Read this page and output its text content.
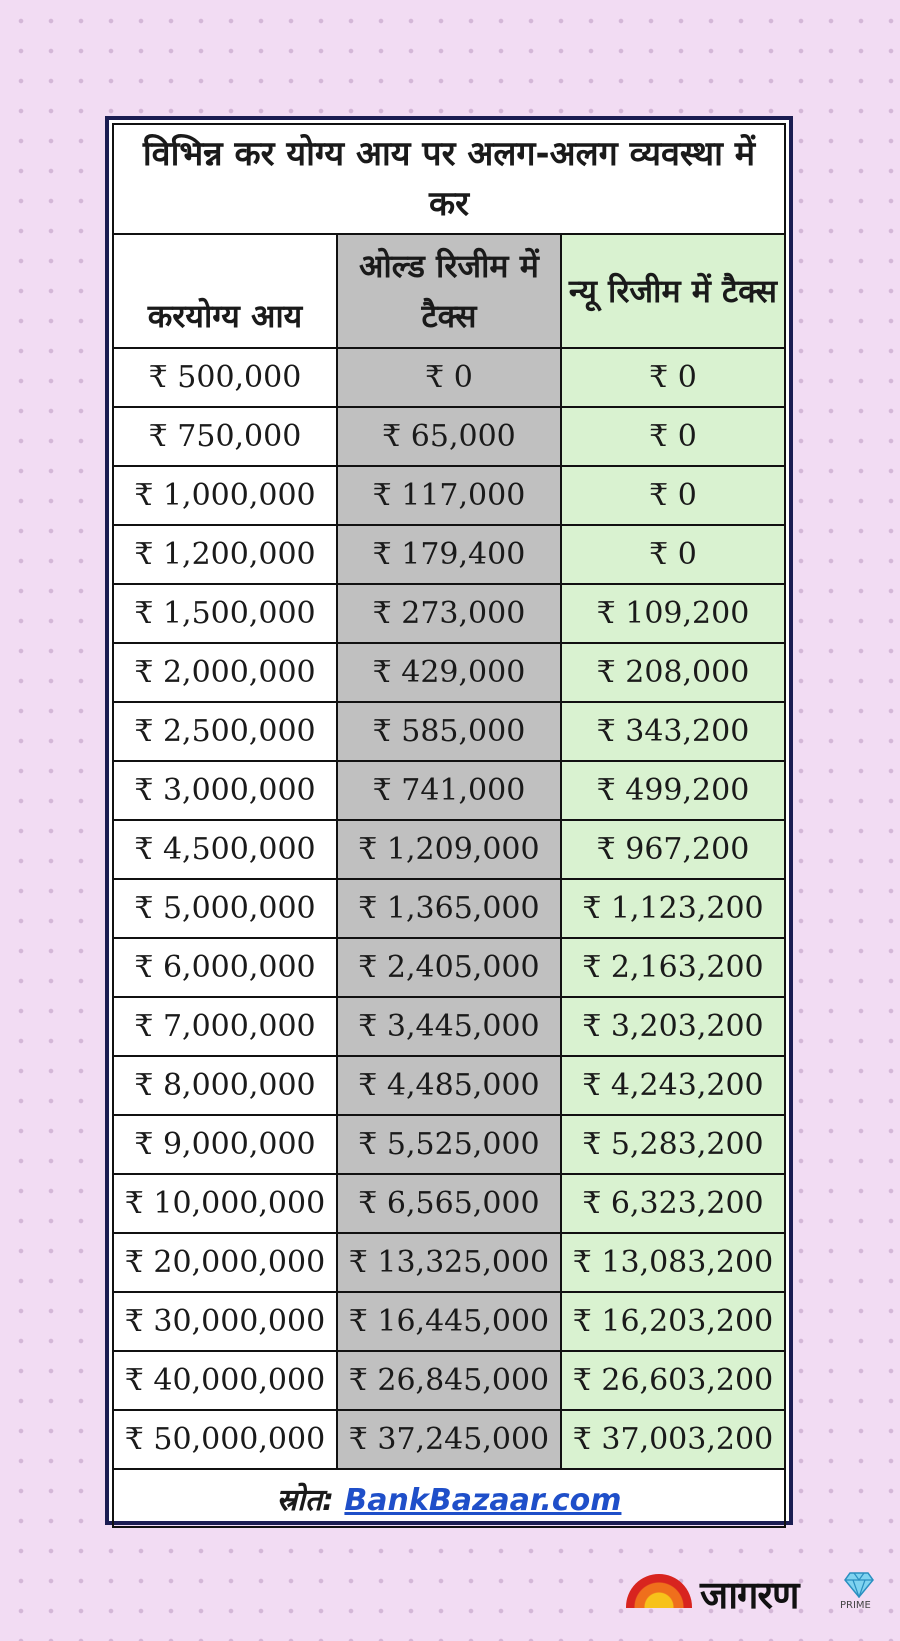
विभिन्न कर योग्य आय पर अलग-अलग व्यवस्था में कर		
करयोग्य आय	ओल्ड रिजीम में टैक्स	न्यू रिजीम में टैक्स
₹ 500,000	₹ 0	₹ 0
₹ 750,000	₹ 65,000	₹ 0
₹ 1,000,000	₹ 117,000	₹ 0
₹ 1,200,000	₹ 179,400	₹ 0
₹ 1,500,000	₹ 273,000	₹ 109,200
₹ 2,000,000	₹ 429,000	₹ 208,000
₹ 2,500,000	₹ 585,000	₹ 343,200
₹ 3,000,000	₹ 741,000	₹ 499,200
₹ 4,500,000	₹ 1,209,000	₹ 967,200
₹ 5,000,000	₹ 1,365,000	₹ 1,123,200
₹ 6,000,000	₹ 2,405,000	₹ 2,163,200
₹ 7,000,000	₹ 3,445,000	₹ 3,203,200
₹ 8,000,000	₹ 4,485,000	₹ 4,243,200
₹ 9,000,000	₹ 5,525,000	₹ 5,283,200
₹ 10,000,000	₹ 6,565,000	₹ 6,323,200
₹ 20,000,000	₹ 13,325,000	₹ 13,083,200
₹ 30,000,000	₹ 16,445,000	₹ 16,203,200
₹ 40,000,000	₹ 26,845,000	₹ 26,603,200
₹ 50,000,000	₹ 37,245,000	₹ 37,003,200
स्रोत: BankBazaar.com		
जागरण	PRIME
